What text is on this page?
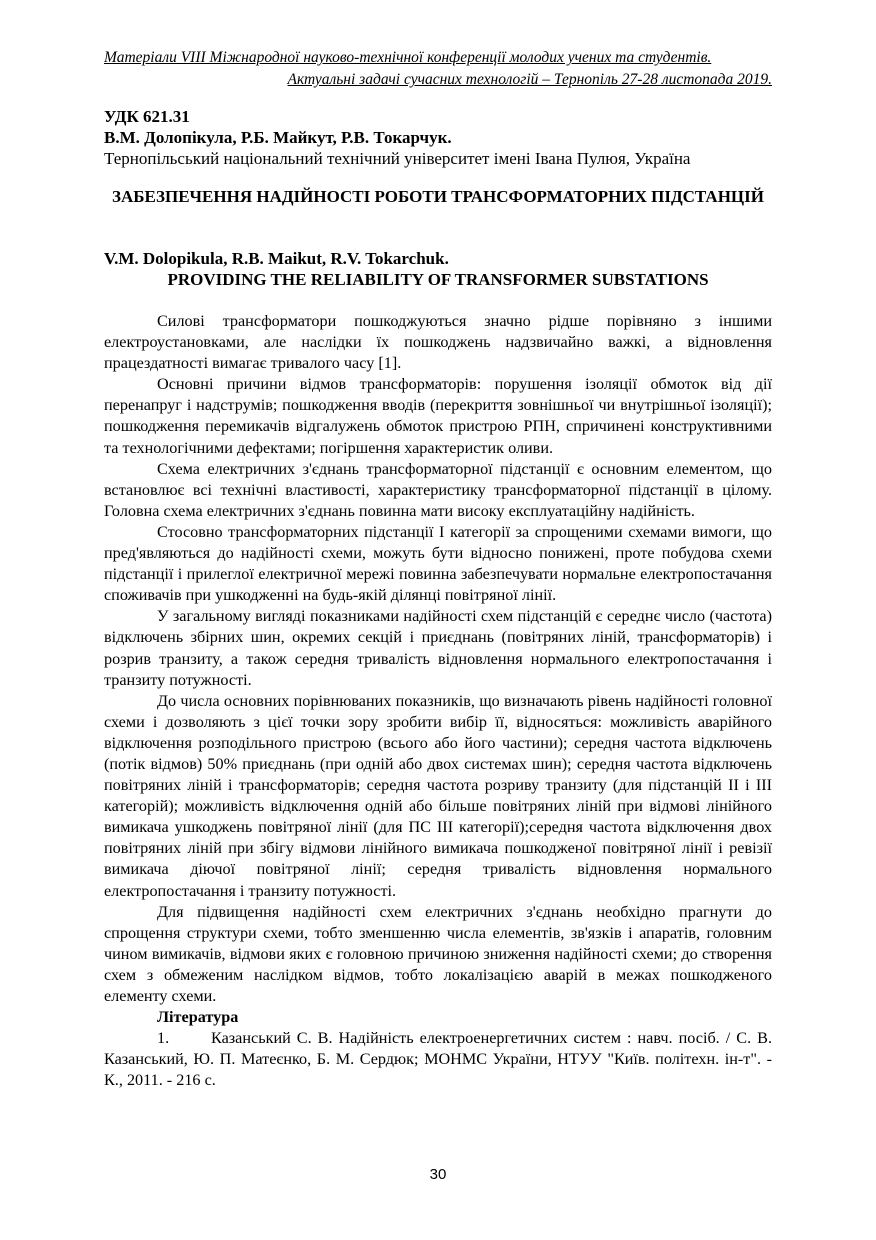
Матеріали VIII Міжнародної науково-технічної конференції молодих учених та студентів.
Актуальні задачі сучасних технологій – Тернопіль 27-28 листопада 2019.
УДК 621.31
В.М. Долопікула, Р.Б. Майкут, Р.В. Токарчук.
Тернопільський національний технічний університет імені Івана Пулюя, Україна
ЗАБЕЗПЕЧЕННЯ НАДІЙНОСТІ РОБОТИ ТРАНСФОРМАТОРНИХ ПІДСТАНЦІЙ
V.M. Dolopikula, R.B. Maikut, R.V. Tokarchuk.
PROVIDING THE RELIABILITY OF TRANSFORMER SUBSTATIONS

Силові трансформатори пошкоджуються значно рідше порівняно з іншими електроустановками, але наслідки їх пошкоджень надзвичайно важкі, а відновлення працездатності вимагає тривалого часу [1].

Основні причини відмов трансформаторів: порушення ізоляції обмоток від дії перенапруг і надструмів; пошкодження вводів (перекриття зовнішньої чи внутрішньої ізоляції); пошкодження перемикачів відгалужень обмоток пристрою РПН, спричинені конструктивними та технологічними дефектами; погіршення характеристик оливи.

Схема електричних з'єднань трансформаторної підстанції є основним елементом, що встановлює всі технічні властивості, характеристику трансформаторної підстанції в цілому. Головна схема електричних з'єднань повинна мати високу експлуатаційну надійність.

Стосовно трансформаторних підстанції І категорії за спрощеними схемами вимоги, що пред'являються до надійності схеми, можуть бути відносно понижені, проте побудова схеми підстанції і прилеглої електричної мережі повинна забезпечувати нормальне електропостачання споживачів при ушкодженні на будь-якій ділянці повітряної лінії.

У загальному вигляді показниками надійності схем підстанцій є середнє число (частота) відключень збірних шин, окремих секцій і приєднань (повітряних ліній, трансформаторів) і розрив транзиту, а також середня тривалість відновлення нормального електропостачання і транзиту потужності.

До числа основних порівнюваних показників, що визначають рівень надійності головної схеми і дозволяють з цієї точки зору зробити вибір її, відносяться: можливість аварійного відключення розподільного пристрою (всього або його частини); середня частота відключень (потік відмов) 50% приєднань (при одній або двох системах шин); середня частота відключень повітряних ліній і трансформаторів; середня частота розриву транзиту (для підстанцій ІІ і ІІІ категорій); можливість відключення одній або більше повітряних ліній при відмові лінійного вимикача ушкоджень повітряної лінії (для ПС ІІІ категорії);середня частота відключення двох повітряних ліній при збігу відмови лінійного вимикача пошкодженої повітряної лінії і ревізії вимикача діючої повітряної лінії; середня тривалість відновлення нормального електропостачання і транзиту потужності.

Для підвищення надійності схем електричних з'єднань необхідно прагнути до спрощення структури схеми, тобто зменшенню числа елементів, зв'язків і апаратів, головним чином вимикачів, відмови яких є головною причиною зниження надійності схеми; до створення схем з обмеженим наслідком відмов, тобто локалізацією аварій в межах пошкодженого елементу схеми.

Література
1.	Казанський С. В. Надійність електроенергетичних систем : навч. посіб. / С. В. Казанський, Ю. П. Матеєнко, Б. М. Сердюк; МОНМС України, НТУУ "Київ. політехн. ін-т". - К., 2011. - 216 с.
30
